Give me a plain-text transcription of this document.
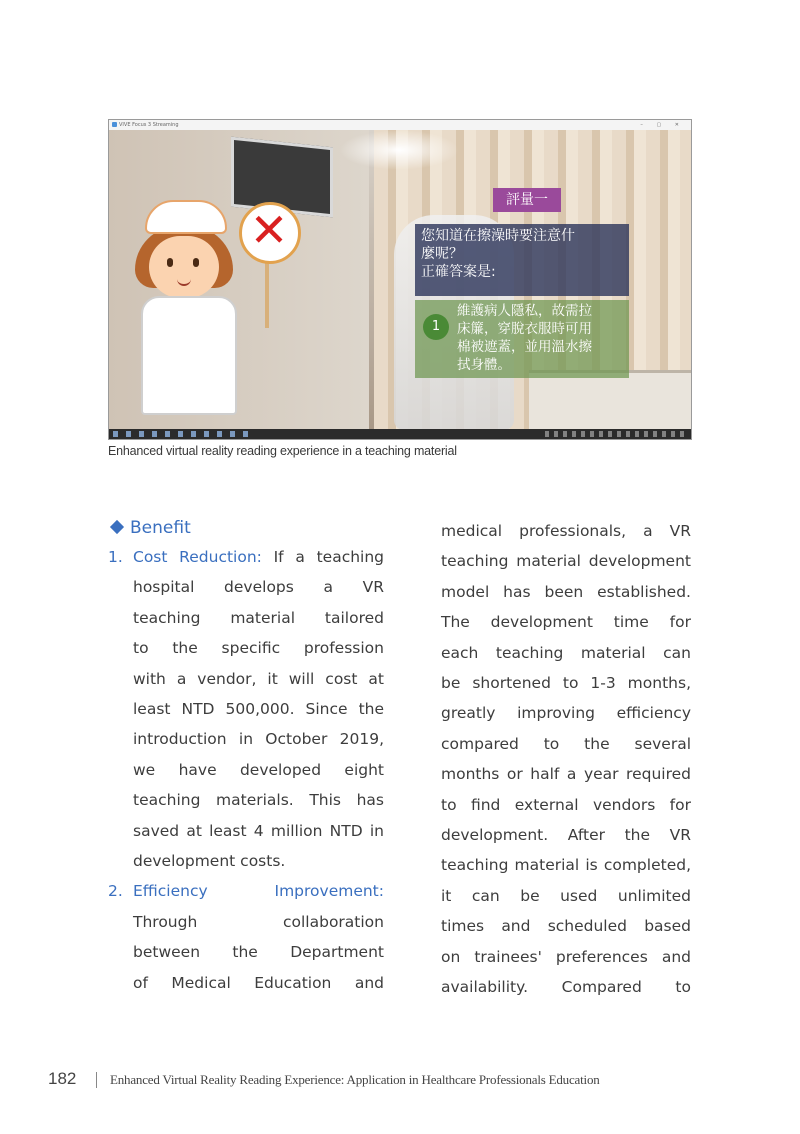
VIVE Focus 3 Streaming	– ▢ ✕
✕
評量一
您知道在擦澡時要注意什
麼呢？
正確答案是:
1
維護病人隱私，故需拉
床簾，穿脫衣服時可用
棉被遮蓋，並用溫水擦
拭身體。
Enhanced virtual reality reading experience in a teaching material
Benefit
1. Cost Reduction: If a teaching
hospital develops a VR
teaching material tailored
to the specific profession
with a vendor, it will cost at
least NTD 500,000. Since the
introduction in October 2019,
we have developed eight
teaching materials. This has
saved at least 4 million NTD in
development costs.
2. Efficiency Improvement:
Through collaboration
between the Department
of Medical Education and
medical professionals, a VR
teaching material development
model has been established.
The development time for
each teaching material can
be shortened to 1-3 months,
greatly improving efficiency
compared to the several
months or half a year required
to find external vendors for
development. After the VR
teaching material is completed,
it can be used unlimited
times and scheduled based
on trainees' preferences and
availability. Compared to
182	Enhanced Virtual Reality Reading Experience: Application in Healthcare Professionals Education
